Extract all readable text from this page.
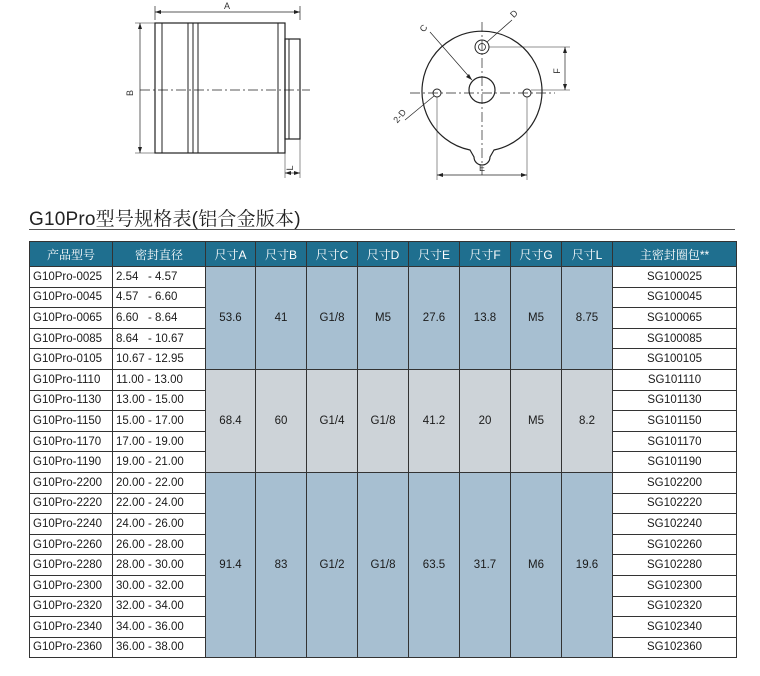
A
B
L
C
D
F
E
2-D
G10Pro型号规格表(铝合金版本)
产品型号	密封直径	尺寸A	尺寸B	尺寸C	尺寸D	尺寸E	尺寸F	尺寸G	尺寸L	主密封圈包**
G10Pro-0025	2.54   - 4.57	53.6	41	G1/8	M5	27.6	13.8	M5	8.75	SG100025
G10Pro-0045	4.57   - 6.60									SG100045
G10Pro-0065	6.60   - 8.64									SG100065
G10Pro-0085	8.64   - 10.67									SG100085
G10Pro-0105	10.67 - 12.95									SG100105
G10Pro-1110	11.00 - 13.00	68.4	60	G1/4	G1/8	41.2	20	M5	8.2	SG101110
G10Pro-1130	13.00 - 15.00									SG101130
G10Pro-1150	15.00 - 17.00									SG101150
G10Pro-1170	17.00 - 19.00									SG101170
G10Pro-1190	19.00 - 21.00									SG101190
G10Pro-2200	20.00 - 22.00	91.4	83	G1/2	G1/8	63.5	31.7	M6	19.6	SG102200
G10Pro-2220	22.00 - 24.00									SG102220
G10Pro-2240	24.00 - 26.00									SG102240
G10Pro-2260	26.00 - 28.00									SG102260
G10Pro-2280	28.00 - 30.00									SG102280
G10Pro-2300	30.00 - 32.00									SG102300
G10Pro-2320	32.00 - 34.00									SG102320
G10Pro-2340	34.00 - 36.00									SG102340
G10Pro-2360	36.00 - 38.00									SG102360
